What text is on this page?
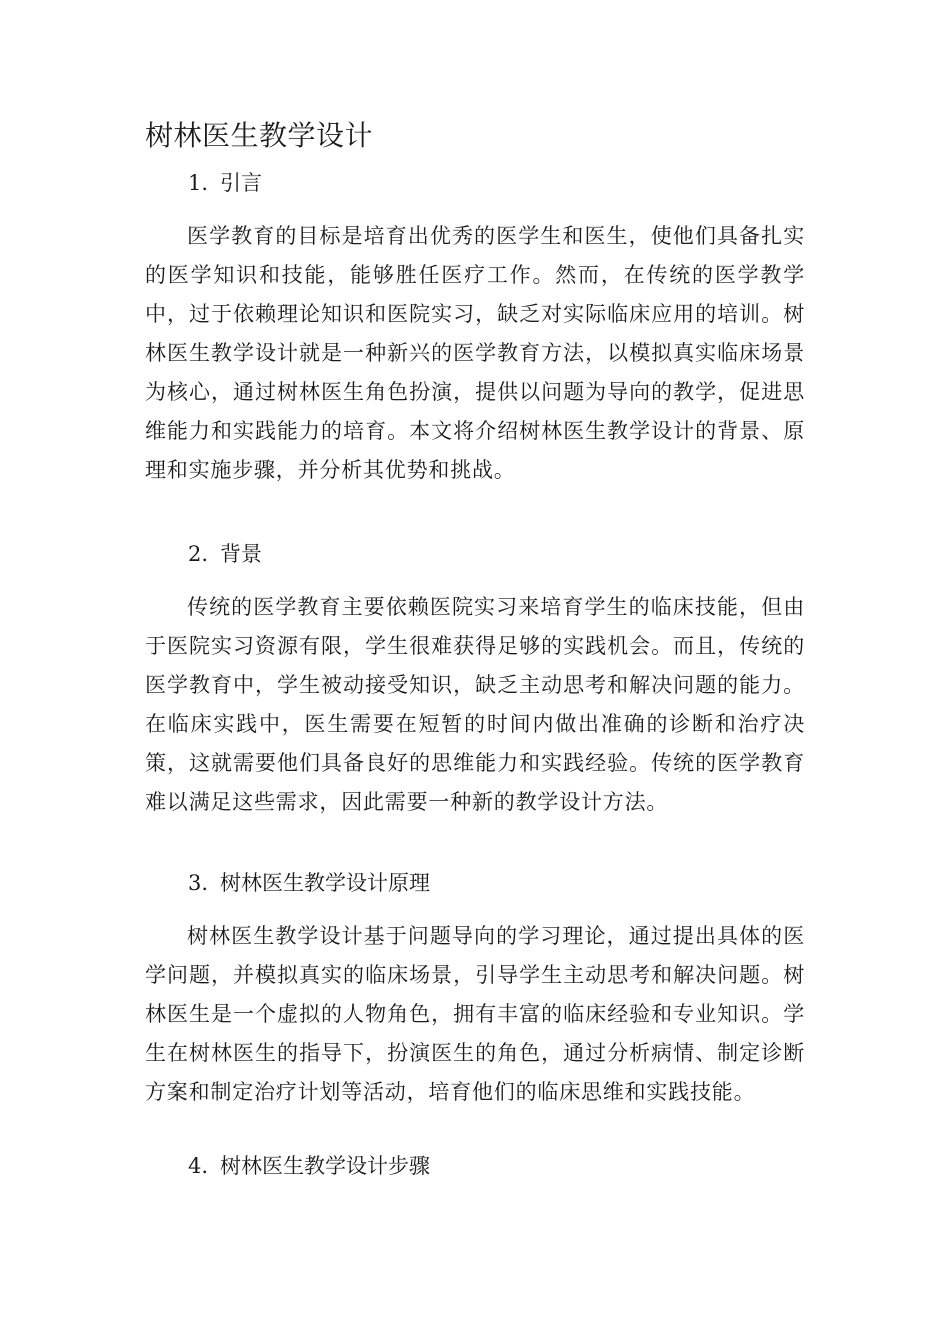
树林医生教学设计
1. 引言

医学教育的目标是培育出优秀的医学生和医生，使他们具备扎实的医学知识和技能，能够胜任医疗工作。然而，在传统的医学教学中，过于依赖理论知识和医院实习，缺乏对实际临床应用的培训。树林医生教学设计就是一种新兴的医学教育方法，以模拟真实临床场景为核心，通过树林医生角色扮演，提供以问题为导向的教学，促进思维能力和实践能力的培育。本文将介绍树林医生教学设计的背景、原理和实施步骤，并分析其优势和挑战。

2. 背景

传统的医学教育主要依赖医院实习来培育学生的临床技能，但由于医院实习资源有限，学生很难获得足够的实践机会。而且，传统的医学教育中，学生被动接受知识，缺乏主动思考和解决问题的能力。在临床实践中，医生需要在短暂的时间内做出准确的诊断和治疗决策，这就需要他们具备良好的思维能力和实践经验。传统的医学教育难以满足这些需求，因此需要一种新的教学设计方法。

3. 树林医生教学设计原理

树林医生教学设计基于问题导向的学习理论，通过提出具体的医学问题，并模拟真实的临床场景，引导学生主动思考和解决问题。树林医生是一个虚拟的人物角色，拥有丰富的临床经验和专业知识。学生在树林医生的指导下，扮演医生的角色，通过分析病情、制定诊断方案和制定治疗计划等活动，培育他们的临床思维和实践技能。

4. 树林医生教学设计步骤
